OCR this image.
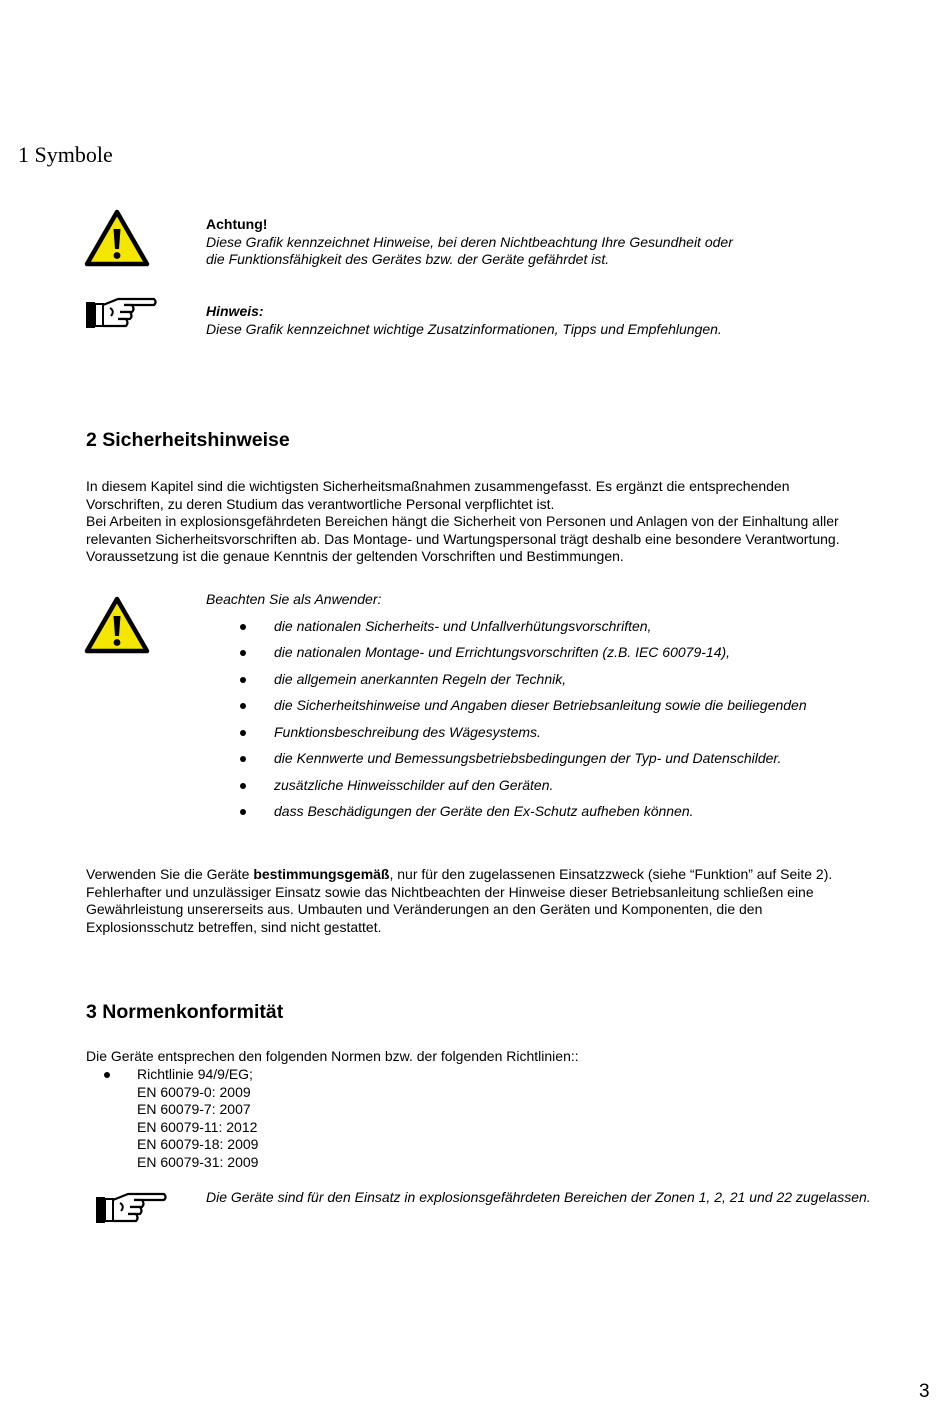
1 Symbole
Achtung!
Diese Grafik kennzeichnet Hinweise, bei deren Nichtbeachtung Ihre Gesundheit oder
die Funktionsfähigkeit des Gerätes bzw. der Geräte gefährdet ist.
Hinweis:
Diese Grafik kennzeichnet wichtige Zusatzinformationen, Tipps und Empfehlungen.
2 Sicherheitshinweise
In diesem Kapitel sind die wichtigsten Sicherheitsmaßnahmen zusammengefasst. Es ergänzt die entsprechenden
Vorschriften, zu deren Studium das verantwortliche Personal verpflichtet ist.
Bei Arbeiten in explosionsgefährdeten Bereichen hängt die Sicherheit von Personen und Anlagen von der Einhaltung aller
relevanten Sicherheitsvorschriften ab. Das Montage- und Wartungspersonal trägt deshalb eine besondere Verantwortung.
Voraussetzung ist die genaue Kenntnis der geltenden Vorschriften und Bestimmungen.
Beachten Sie als Anwender:
die nationalen Sicherheits- und Unfallverhütungsvorschriften,
die nationalen Montage- und Errichtungsvorschriften (z.B. IEC 60079-14),
die allgemein anerkannten Regeln der Technik,
die Sicherheitshinweise und Angaben dieser Betriebsanleitung sowie die beiliegenden
Funktionsbeschreibung des Wägesystems.
die Kennwerte und Bemessungsbetriebsbedingungen der Typ- und Datenschilder.
zusätzliche Hinweisschilder auf den Geräten.
dass Beschädigungen der Geräte den Ex-Schutz aufheben können.
Verwenden Sie die Geräte bestimmungsgemäß, nur für den zugelassenen Einsatzzweck (siehe “Funktion” auf Seite 2).
Fehlerhafter und unzulässiger Einsatz sowie das Nichtbeachten der Hinweise dieser Betriebsanleitung schließen eine
Gewährleistung unsererseits aus. Umbauten und Veränderungen an den Geräten und Komponenten, die den
Explosionsschutz betreffen, sind nicht gestattet.
3 Normenkonformität
Die Geräte entsprechen den folgenden Normen bzw. der folgenden Richtlinien::
Richtlinie 94/9/EG;
EN 60079-0: 2009
EN 60079-7: 2007
EN 60079-11: 2012
EN 60079-18: 2009
EN 60079-31: 2009
Die Geräte sind für den Einsatz in explosionsgefährdeten Bereichen der Zonen 1, 2, 21 und 22 zugelassen.
3
